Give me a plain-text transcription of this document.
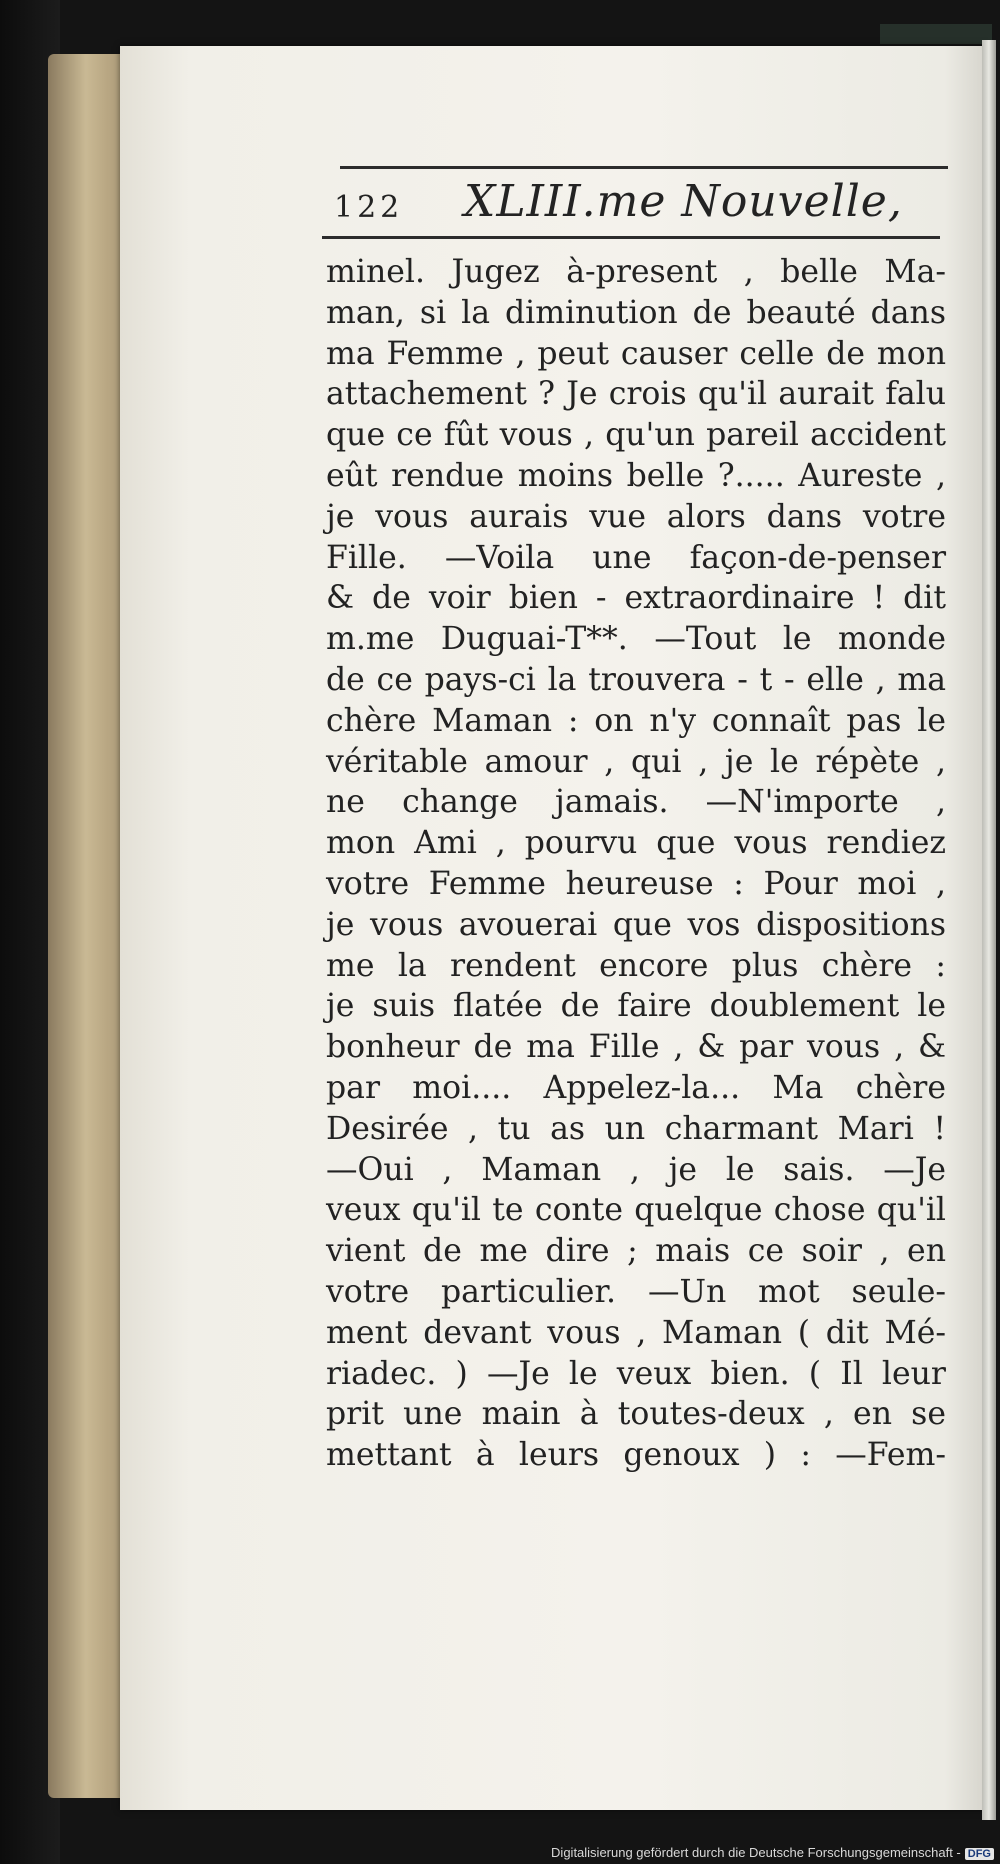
122 XLIII.me Nouvelle,
minel. Jugez à-present , belle Ma-
man, si la diminution de beauté dans
ma Femme , peut causer celle de mon
attachement ? Je crois qu'il aurait falu
que ce fût vous , qu'un pareil accident
eût rendue moins belle ?..... Aureste ,
je vous aurais vue alors dans votre
Fille. —Voila une façon-de-penser
& de voir bien - extraordinaire ! dit
m.me Duguai-T**. —Tout le monde
de ce pays-ci la trouvera - t - elle , ma
chère Maman : on n'y connaît pas le
véritable amour , qui , je le répète ,
ne change jamais. —N'importe ,
mon Ami , pourvu que vous rendiez
votre Femme heureuse : Pour moi ,
je vous avouerai que vos dispositions
me la rendent encore plus chère :
je suis flatée de faire doublement le
bonheur de ma Fille , & par vous , &
par moi.... Appelez-la... Ma chère
Desirée , tu as un charmant Mari !
—Oui , Maman , je le sais. —Je
veux qu'il te conte quelque chose qu'il
vient de me dire ; mais ce soir , en
votre particulier. —Un mot seule-
ment devant vous , Maman ( dit Mé-
riadec. ) —Je le veux bien. ( Il leur
prit une main à toutes-deux , en se
mettant à leurs genoux ) : —Fem-
Digitalisierung gefördert durch die Deutsche Forschungsgemeinschaft - DFG
